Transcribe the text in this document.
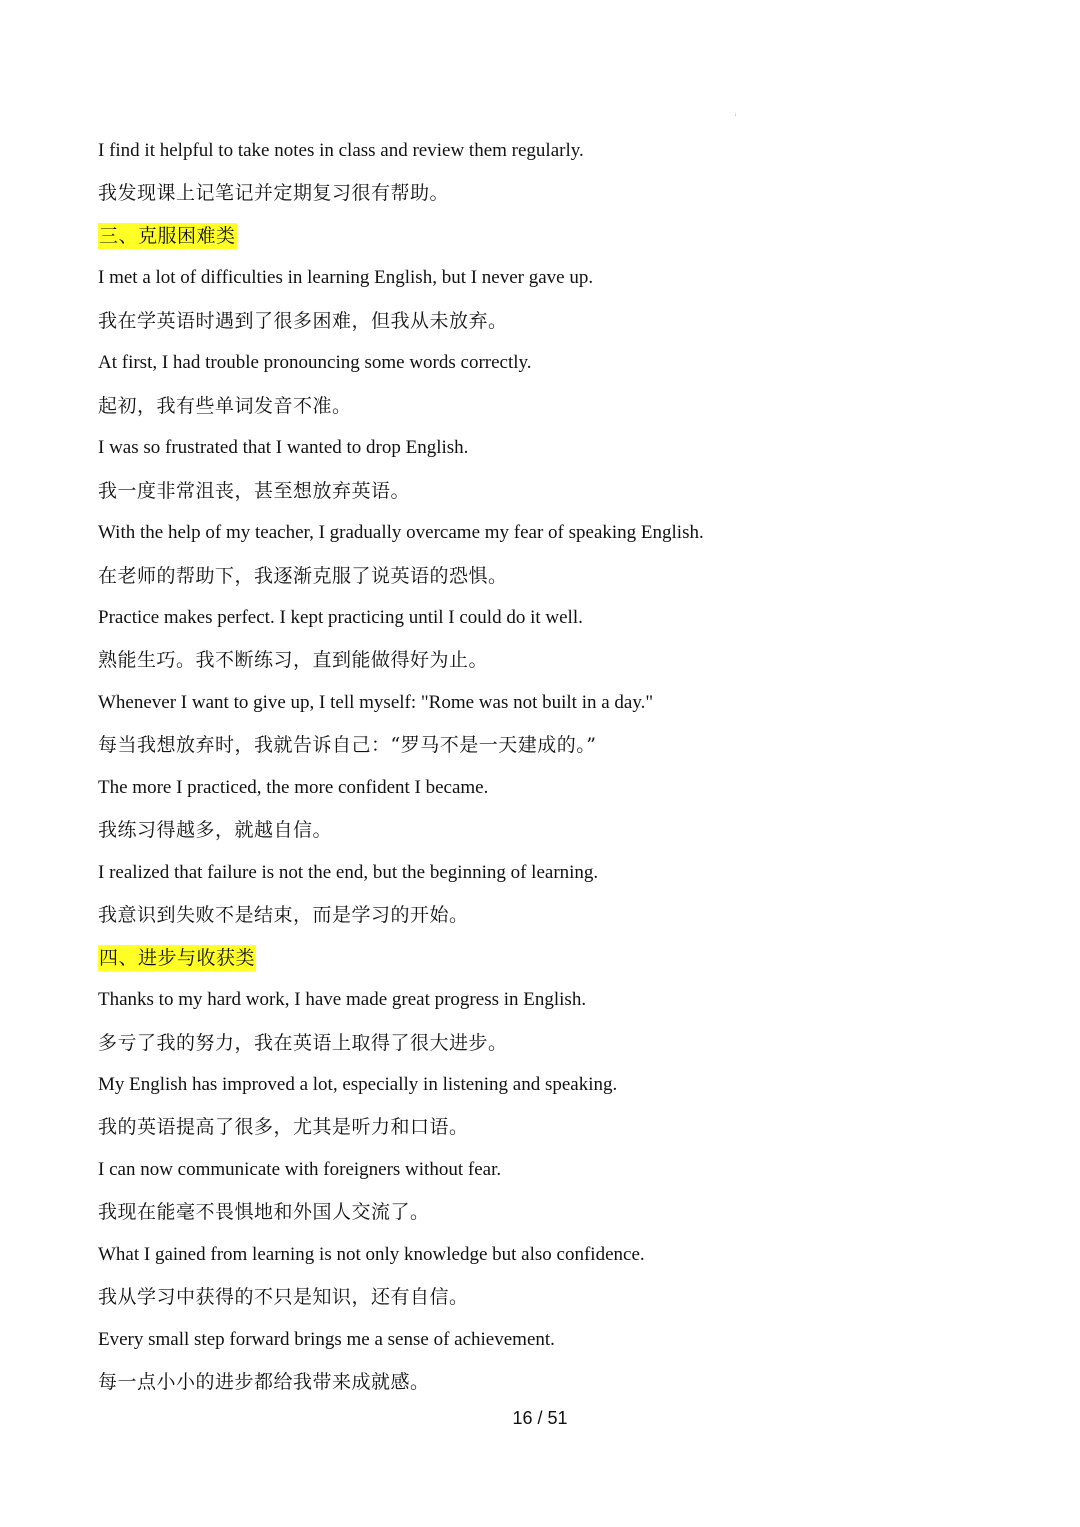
↓
I find it helpful to take notes in class and review them regularly.
我发现课上记笔记并定期复习很有帮助。
三、克服困难类
I met a lot of difficulties in learning English, but I never gave up.
我在学英语时遇到了很多困难，但我从未放弃。
At first, I had trouble pronouncing some words correctly.
起初，我有些单词发音不准。
I was so frustrated that I wanted to drop English.
我一度非常沮丧，甚至想放弃英语。
With the help of my teacher, I gradually overcame my fear of speaking English.
在老师的帮助下，我逐渐克服了说英语的恐惧。
Practice makes perfect. I kept practicing until I could do it well.
熟能生巧。我不断练习，直到能做得好为止。
Whenever I want to give up, I tell myself: "Rome was not built in a day."
每当我想放弃时，我就告诉自己：“罗马不是一天建成的。”
The more I practiced, the more confident I became.
我练习得越多，就越自信。
I realized that failure is not the end, but the beginning of learning.
我意识到失败不是结束，而是学习的开始。
四、进步与收获类
Thanks to my hard work, I have made great progress in English.
多亏了我的努力，我在英语上取得了很大进步。
My English has improved a lot, especially in listening and speaking.
我的英语提高了很多，尤其是听力和口语。
I can now communicate with foreigners without fear.
我现在能毫不畏惧地和外国人交流了。
What I gained from learning is not only knowledge but also confidence.
我从学习中获得的不只是知识，还有自信。
Every small step forward brings me a sense of achievement.
每一点小小的进步都给我带来成就感。
16 / 51
